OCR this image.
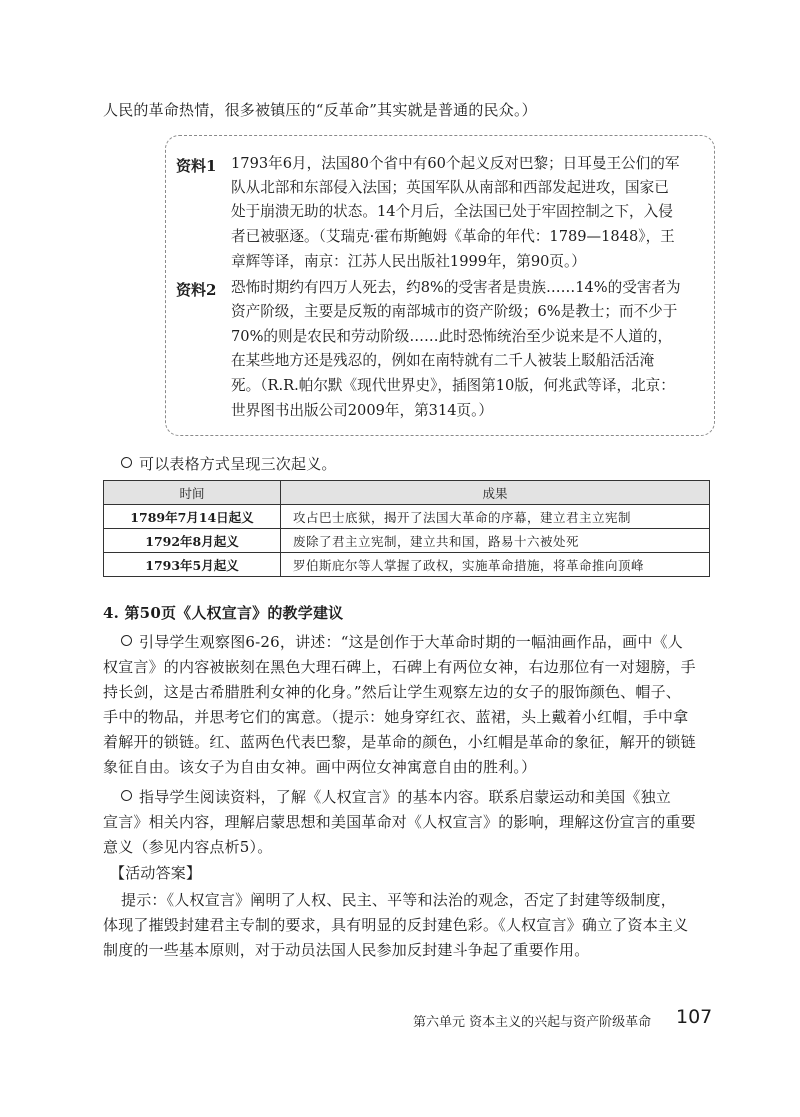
人民的革命热情，很多被镇压的“反革命”其实就是普通的民众。）
资料1 1793年6月，法国80个省中有60个起义反对巴黎；日耳曼王公们的军
队从北部和东部侵入法国；英国军队从南部和西部发起进攻，国家已
处于崩溃无助的状态。14个月后，全法国已处于牢固控制之下，入侵
者已被驱逐。（艾瑞克·霍布斯鲍姆《革命的年代：1789—1848》，王
章辉等译，南京：江苏人民出版社1999年，第90页。）
资料2 恐怖时期约有四万人死去，约8%的受害者是贵族……14%的受害者为
资产阶级，主要是反叛的南部城市的资产阶级；6%是教士；而不少于
70%的则是农民和劳动阶级……此时恐怖统治至少说来是不人道的，
在某些地方还是残忍的，例如在南特就有二千人被装上駁船活活淹
死。（R.R.帕尔默《现代世界史》，插图第10版，何兆武等译，北京：
世界图书出版公司2009年，第314页。）
可以表格方式呈现三次起义。
时间	成果
1789年7月14日起义	攻占巴士底狱，揭开了法国大革命的序幕，建立君主立宪制
1792年8月起义	废除了君主立宪制，建立共和国，路易十六被处死
1793年5月起义	罗伯斯庇尔等人掌握了政权，实施革命措施，将革命推向顶峰
4. 第50页《人权宣言》的教学建议
引导学生观察图6-26，讲述：“这是创作于大革命时期的一幅油画作品，画中《人
权宣言》的内容被嵌刻在黑色大理石碑上，石碑上有两位女神，右边那位有一对翅膀，手
持长剑，这是古希腊胜利女神的化身。”然后让学生观察左边的女子的服饰颜色、帽子、
手中的物品，并思考它们的寓意。（提示：她身穿红衣、蓝裙，头上戴着小红帽，手中拿
着解开的锁链。红、蓝两色代表巴黎，是革命的颜色，小红帽是革命的象征，解开的锁链
象征自由。该女子为自由女神。画中两位女神寓意自由的胜利。）
指导学生阅读资料，了解《人权宣言》的基本内容。联系启蒙运动和美国《独立
宣言》相关内容，理解启蒙思想和美国革命对《人权宣言》的影响，理解这份宣言的重要
意义（参见内容点析5）。
【活动答案】
提示：《人权宣言》阐明了人权、民主、平等和法治的观念，否定了封建等级制度，
体现了摧毁封建君主专制的要求，具有明显的反封建色彩。《人权宣言》确立了资本主义
制度的一些基本原则，对于动员法国人民参加反封建斗争起了重要作用。
第六单元 资本主义的兴起与资产阶级革命 107
